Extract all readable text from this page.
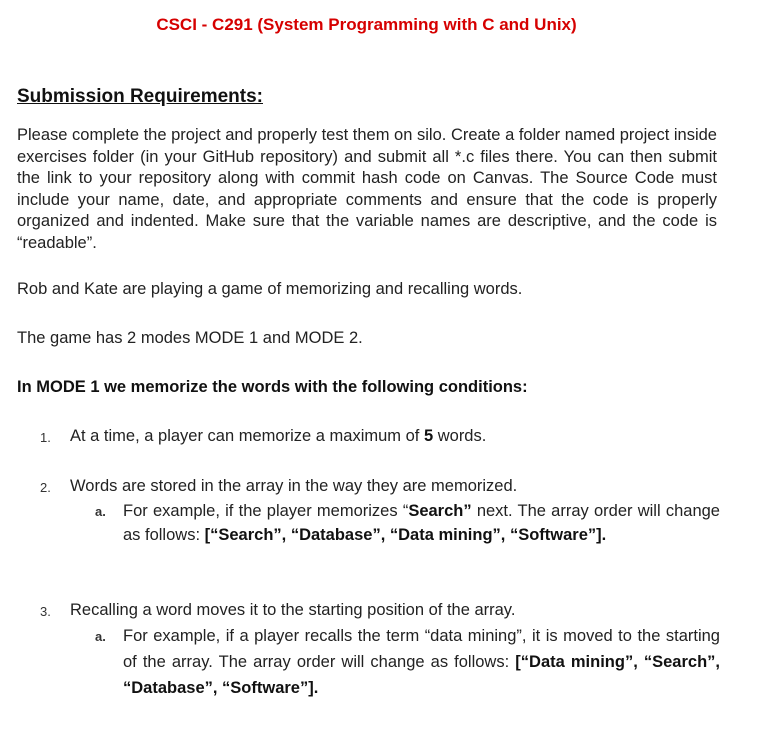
CSCI - C291 (System Programming with C and Unix)
Submission Requirements:
Please complete the project and properly test them on silo. Create a folder named project inside exercises folder (in your GitHub repository) and submit all *.c files there. You can then submit the link to your repository along with commit hash code on Canvas. The Source Code must include your name, date, and appropriate comments and ensure that the code is properly organized and indented. Make sure that the variable names are descriptive, and the code is “readable”.
Rob and Kate are playing a game of memorizing and recalling words.
The game has 2 modes MODE 1 and MODE 2.
In MODE 1 we memorize the words with the following conditions:
1. At a time, a player can memorize a maximum of 5 words.
2. Words are stored in the array in the way they are memorized.
a. For example, if the player memorizes “Search” next. The array order will change as follows: [“Search”, “Database”, “Data mining”, “Software”].
3. Recalling a word moves it to the starting position of the array.
a. For example, if a player recalls the term “data mining”, it is moved to the starting of the array. The array order will change as follows: [“Data mining”, “Search”, “Database”, “Software”].
